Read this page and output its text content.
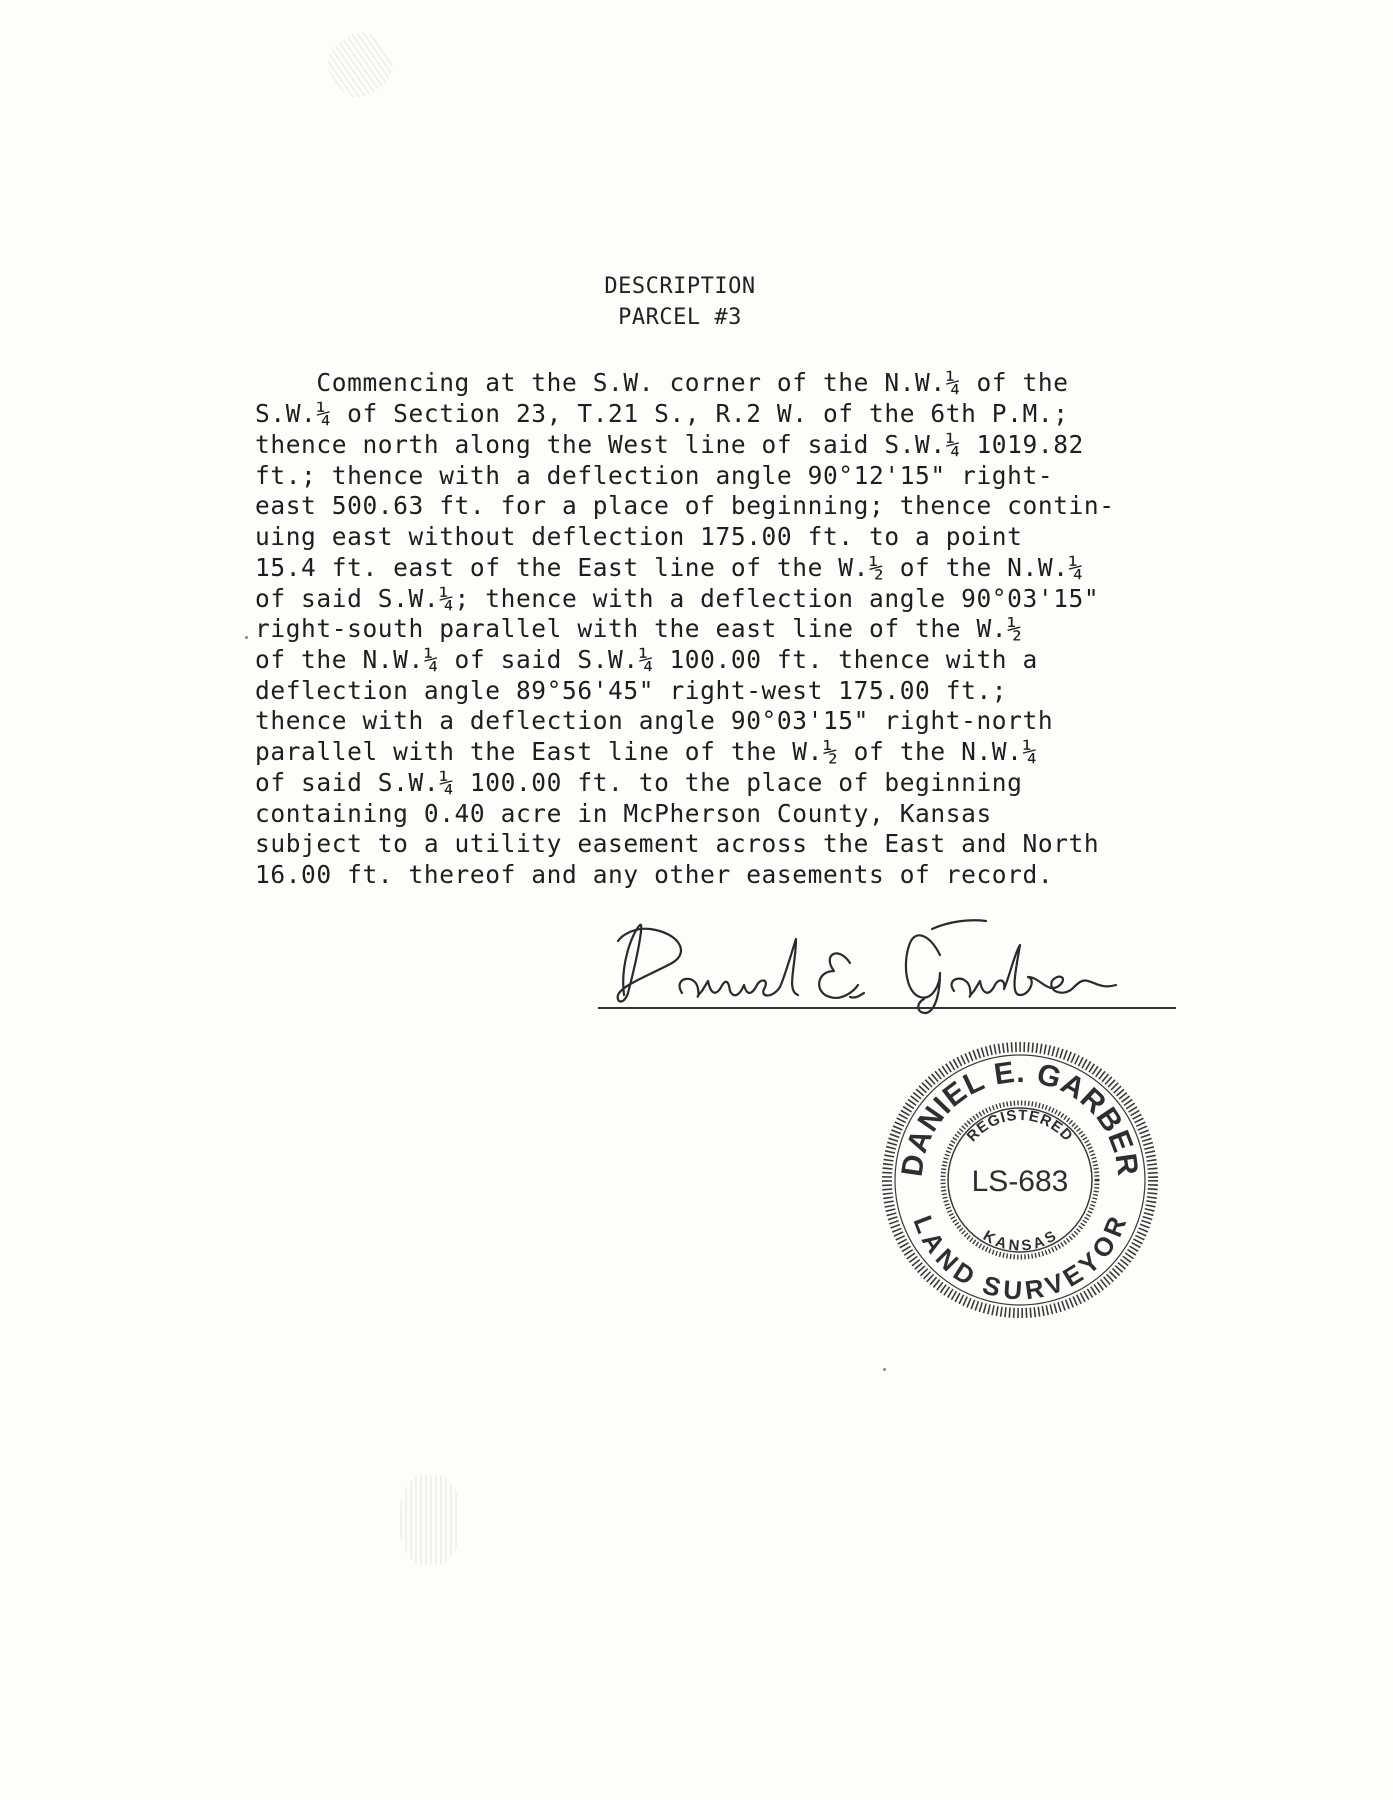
DESCRIPTION
PARCEL #3
Commencing at the S.W. corner of the N.W.¼ of the
S.W.¼ of Section 23, T.21 S., R.2 W. of the 6th P.M.;
thence north along the West line of said S.W.¼ 1019.82
ft.; thence with a deflection angle 90°12'15" right-
east 500.63 ft. for a place of beginning; thence contin-
uing east without deflection 175.00 ft. to a point
15.4 ft. east of the East line of the W.½ of the N.W.¼
of said S.W.¼; thence with a deflection angle 90°03'15"
right-south parallel with the east line of the W.½
of the N.W.¼ of said S.W.¼ 100.00 ft. thence with a
deflection angle 89°56'45" right-west 175.00 ft.;
thence with a deflection angle 90°03'15" right-north
parallel with the East line of the W.½ of the N.W.¼
of said S.W.¼ 100.00 ft. to the place of beginning
containing 0.40 acre in McPherson County, Kansas
subject to a utility easement across the East and North
16.00 ft. thereof and any other easements of record.
DANIEL E. GARBER
LAND SURVEYOR
REGISTERED
KANSAS
LS-683
